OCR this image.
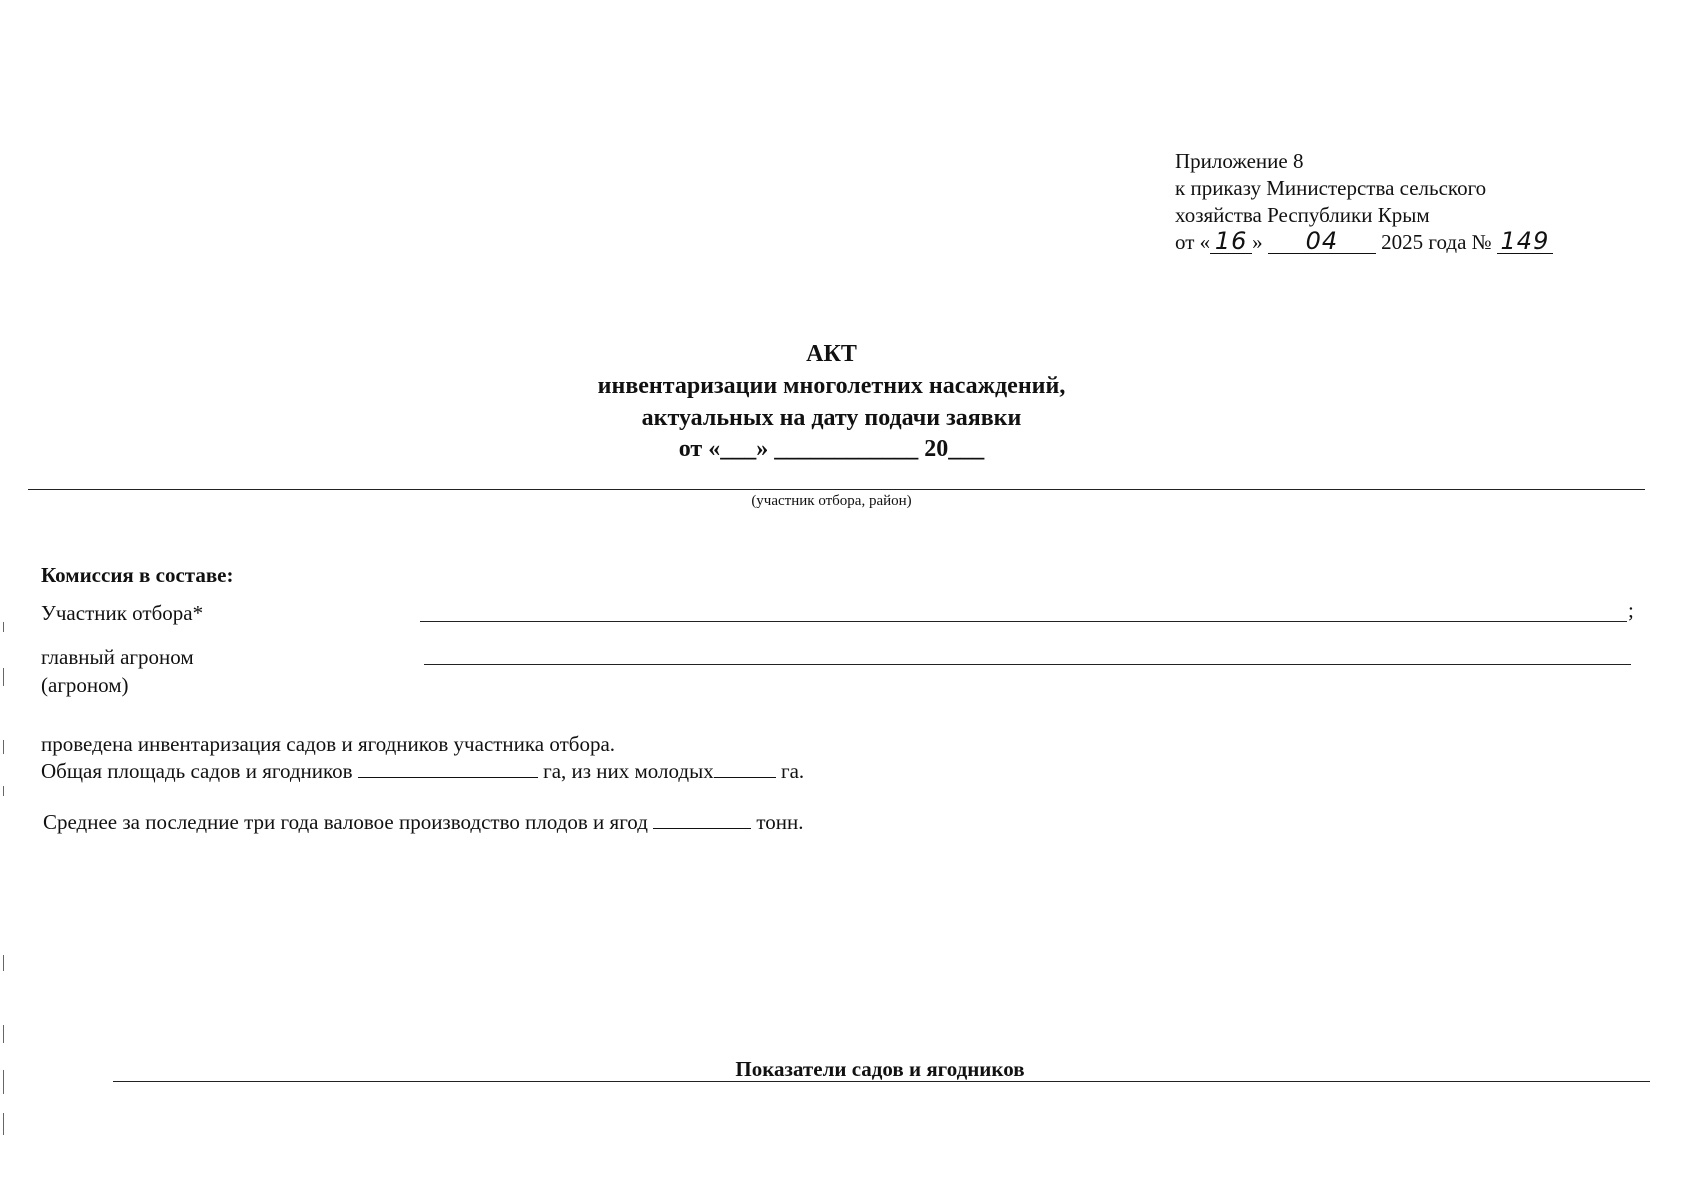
Приложение 8
к приказу Министерства сельского
хозяйства Республики Крым
от « 16 » 04 2025 года № 149
АКТ
инвентаризации многолетних насаждений,
актуальных на дату подачи заявки
от «___» ____________ 20___
(участник отбора, район)
Комиссия в составе:
Участник отбора*	;
главный агроном
(агроном)
проведена инвентаризация садов и ягодников участника отбора.
Общая площадь садов и ягодников	га, из них молодых	га.
Среднее за последние три года валовое производство плодов и ягод	тонн.
Показатели садов и ягодников
